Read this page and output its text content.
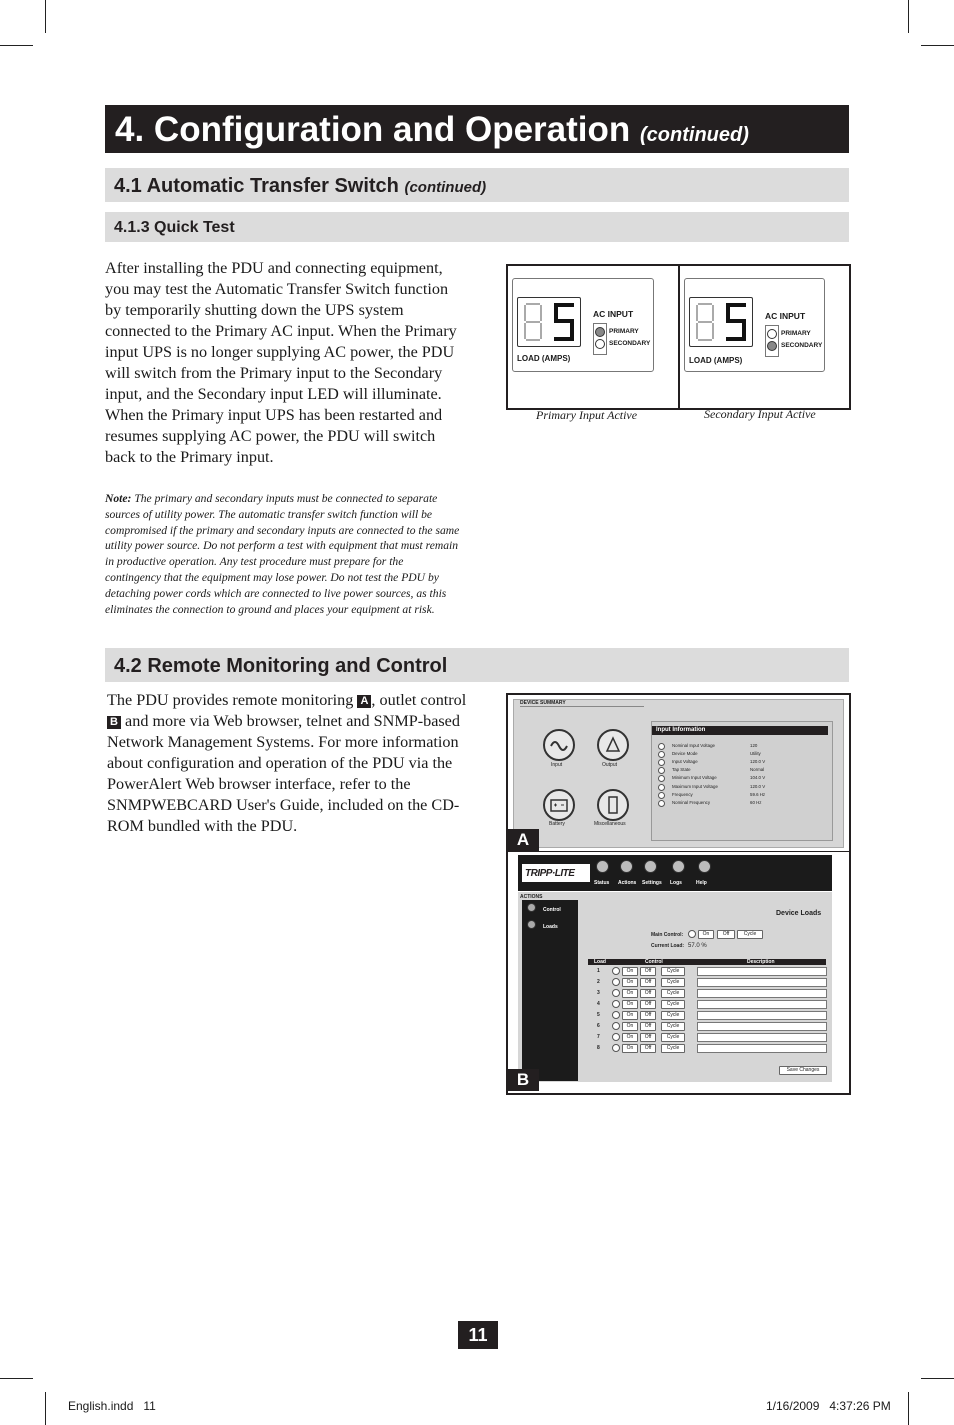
4. Configuration and Operation (continued)
4.1 Automatic Transfer Switch (continued)
4.1.3 Quick Test
After installing the PDU and connecting equipment, you may test the Automatic Transfer Switch function by temporarily shutting down the UPS system connected to the Primary AC input. When the Primary input UPS is no longer supplying AC power, the PDU will switch from the Primary input to the Secondary input, and the Secondary input LED will illuminate. When the Primary input UPS has been restarted and resumes supplying AC power, the PDU will switch back to the Primary input.
Note: The primary and secondary inputs must be connected to separate sources of utility power. The automatic transfer switch function will be compromised if the primary and secondary inputs are connected to the same utility power source. Do not perform a test with equipment that must remain in productive operation. Any test procedure must prepare for the contingency that the equipment may lose power. Do not test the PDU by detaching power cords which are connected to live power sources, as this eliminates the connection to ground and places your equipment at risk.
LOAD (AMPS)
AC INPUT
PRIMARY
SECONDARY
Primary Input Active
LOAD (AMPS)
AC INPUT
PRIMARY
SECONDARY
Secondary Input Active
4.2 Remote Monitoring and Control
The PDU provides remote monitoring A , outlet control B and more via Web browser, telnet and SNMP-based Network Management Systems. For more information about configuration and operation of the PDU via the PowerAlert Web browser interface, refer to the SNMPWEBCARD User's Guide, included on the CD-ROM bundled with the PDU.
DEVICE SUMMARY
Input	Output
Battery	Miscellaneous
Input Information
Nominal Input Voltage	120
Device Mode	Utility
Input Voltage	120.0 V
Tap State	Normal
Minimum Input Voltage	104.0 V
Maximum Input Voltage	120.0 V
Frequency	59.6 Hz
Nominal Frequency	60 Hz
A
TRIPP·LITE
Status Actions Settings Logs	Help
ACTIONS
Control
Loads
Device Loads
Main Control:	On	Off	Cycle
Current Load: 57.0 %
Load	Control	Description
1	On	Off	Cycle
2	On	Off	Cycle
3	On	Off	Cycle
4	On	Off	Cycle
5	On	Off	Cycle
6	On	Off	Cycle
7	On	Off	Cycle
8	On	Off	Cycle
Save Changes
B
11
English.indd   11	1/16/2009   4:37:26 PM
